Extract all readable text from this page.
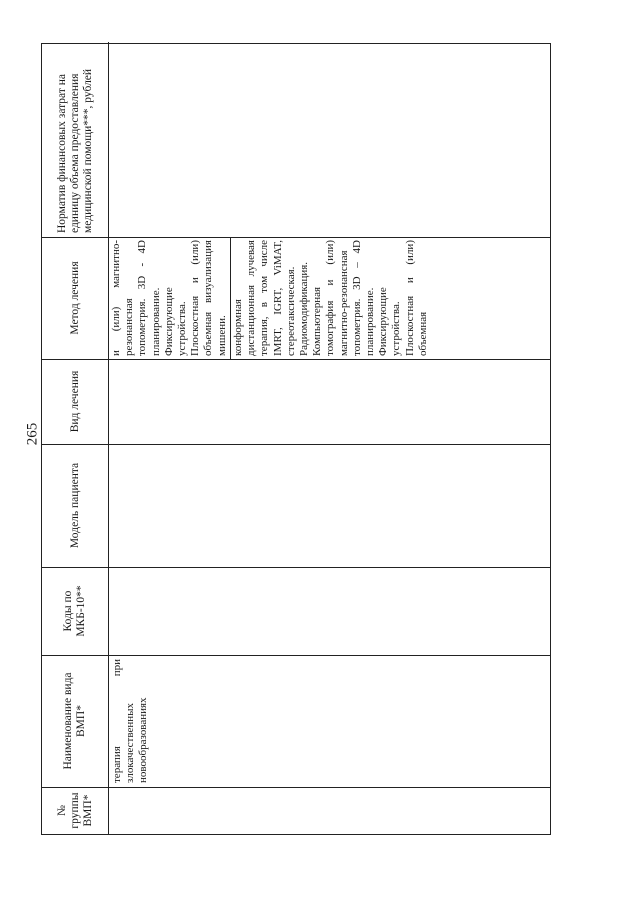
265
№ группы ВМП*
Наименование вида ВМП*
Коды по МКБ-10**
Модель пациента
Вид лечения
Метод лечения
Норматив финансовых затрат на единицу объема предоставления медицинской помощи***, рублей
терапия при злокачественных новообразованиях
и (или) магнитно-резонансная топометрия. 3D - 4D планирование. Фиксирующие устройства. Плоскостная и (или) объемная визуализация мишени. конформная дистанционная лучевая терапия, в том числе IMRT, IGRT, ViMAT, стереотаксическая. Радиомодификация. Компьютерная томография и (или) магнитно-резонансная топометрия. 3D – 4D планирование. Фиксирующие устройства. Плоскостная и (или) объемная
